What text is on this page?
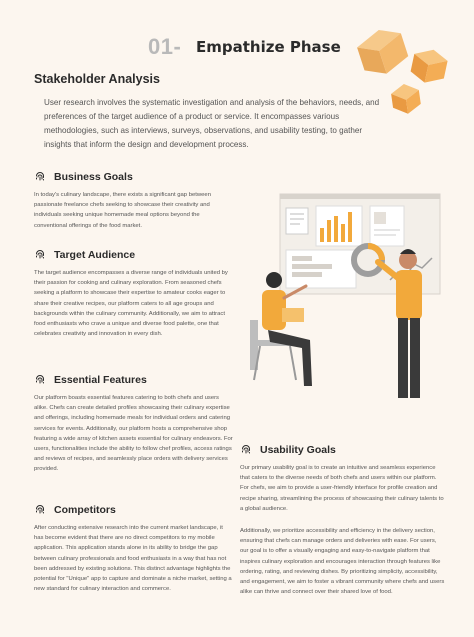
01- Empathize Phase
Stakeholder Analysis
User research involves the systematic investigation and analysis of the behaviors, needs, and preferences of the target audience of a product or service. It encompasses various methodologies, such as interviews, surveys, observations, and usability testing, to gather insights that inform the design and development process.
Business Goals
In today's culinary landscape, there exists a significant gap between passionate freelance chefs seeking to showcase their creativity and individuals seeking unique homemade meal options beyond the conventional offerings of the food market.
Target Audience
The target audience encompasses a diverse range of individuals united by their passion for cooking and culinary exploration. From seasoned chefs seeking a platform to showcase their expertise to amateur cooks eager to share their creative recipes, our platform caters to all age groups and backgrounds within the culinary community. Additionally, we aim to attract food enthusiasts who crave a unique and diverse food palette, one that celebrates creativity and innovation in every dish.
Essential Features
Our platform boasts essential features catering to both chefs and users alike. Chefs can create detailed profiles showcasing their culinary expertise and offerings, including homemade meals for individual orders and catering services for events. Additionally, our platform hosts a comprehensive shop featuring a wide array of kitchen assets essential for culinary endeavors. For users, functionalities include the ability to follow chef profiles, access ratings and reviews of recipes, and seamlessly place orders with delivery services provided.
Competitors
After conducting extensive research into the current market landscape, it has become evident that there are no direct competitors to my mobile application. This application stands alone in its ability to bridge the gap between culinary professionals and food enthusiasts in a way that has not been addressed by existing solutions. This distinct advantage highlights the potential for "Unique" app to capture and dominate a niche market, setting a new standard for culinary interaction and commerce.
Usability Goals
Our primary usability goal is to create an intuitive and seamless experience that caters to the diverse needs of both chefs and users within our platform. For chefs, we aim to provide a user-friendly interface for profile creation and recipe sharing, streamlining the process of showcasing their culinary talents to a global audience.
Additionally, we prioritize accessibility and efficiency in the delivery section, ensuring that chefs can manage orders and deliveries with ease. For users, our goal is to offer a visually engaging and easy-to-navigate platform that inspires culinary exploration and encourages interaction through features like ordering, rating, and reviewing dishes. By prioritizing simplicity, accessibility, and engagement, we aim to foster a vibrant community where chefs and users alike can thrive and connect over their shared love of food.
